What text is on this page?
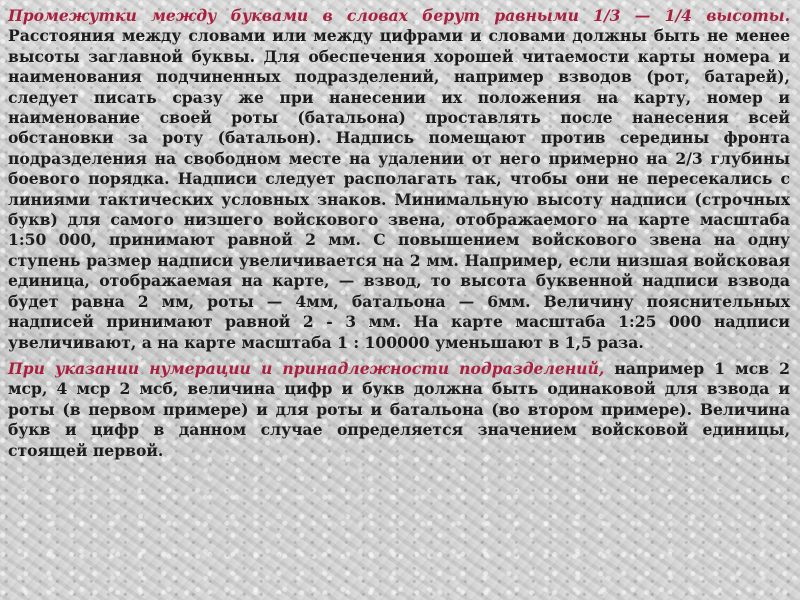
Промежутки между буквами в словах берут равными 1/3 — 1/4 высоты. Расстояния между словами или между цифрами и словами должны быть не менее высоты заглавной буквы. Для обеспечения хорошей читаемости карты номера и наименования подчиненных подразделений, например взводов (рот, батарей), следует писать сразу же при нанесении их положения на карту, номер и наименование своей роты (батальона) проставлять после нанесения всей обстановки за роту (батальон). Надпись помещают против середины фронта подразделения на свободном месте на удалении от него примерно на 2/3 глубины боевого порядка. Надписи следует располагать так, чтобы они не пересекались с линиями тактических условных знаков. Минимальную высоту надписи (строчных букв) для самого низшего войскового звена, отображаемого на карте масштаба 1:50 000, принимают равной 2 мм. С повышением войскового звена на одну ступень размер надписи увеличивается на 2 мм. Например, если низшая войсковая единица, отображаемая на карте, — взвод, то высота буквенной надписи взвода будет равна 2 мм, роты — 4мм, батальона — 6мм. Величину пояснительных надписей принимают равной 2 - 3 мм. На карте масштаба 1:25 000 надписи увеличивают, а на карте масштаба 1 : 100000 уменьшают в 1,5 раза.

При указании нумерации и принадлежности подразделений, например 1 мсв 2 мср, 4 мср 2 мсб, величина цифр и букв должна быть одинаковой для взвода и роты (в первом примере) и для роты и батальона (во втором примере). Величина букв и цифр в данном случае определяется значением войсковой единицы, стоящей первой.
